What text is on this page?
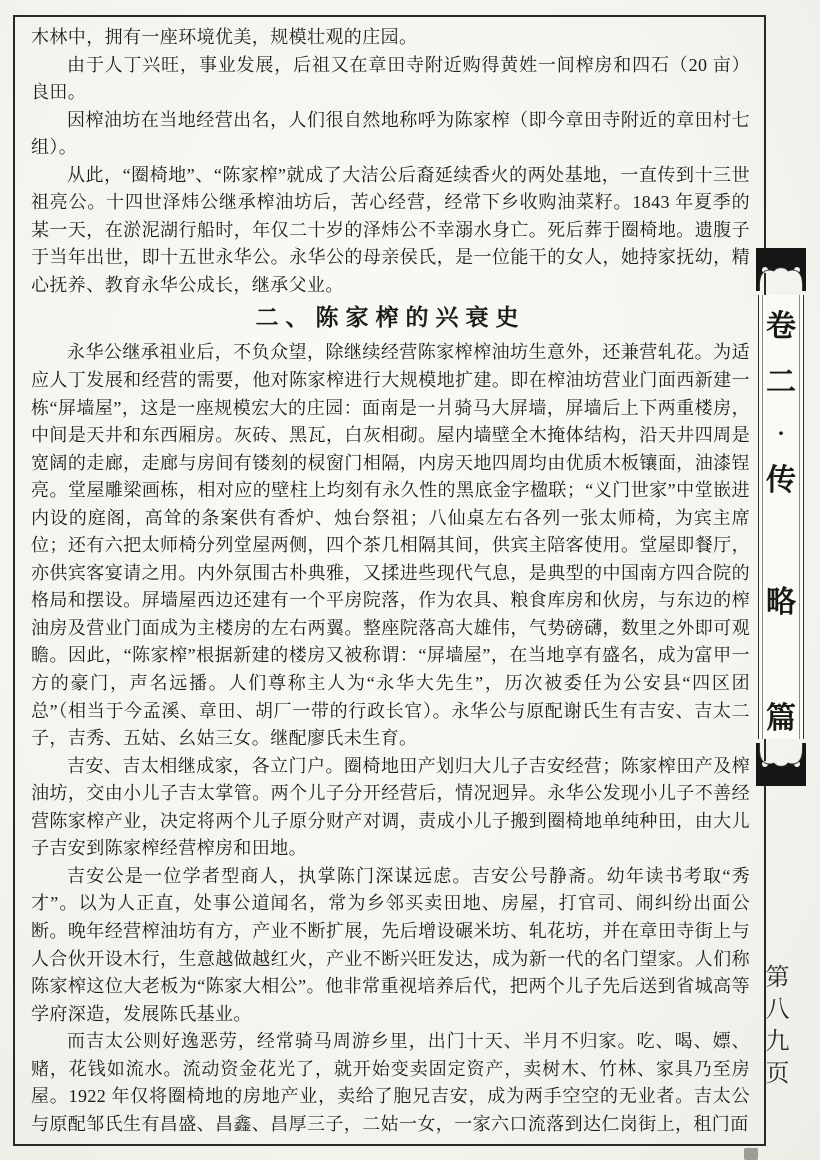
木林中，拥有一座环境优美，规模壮观的庄园。

由于人丁兴旺，事业发展，后祖又在章田寺附近购得黄姓一间榨房和四石（20 亩）良田。

因榨油坊在当地经营出名，人们很自然地称呼为陈家榨（即今章田寺附近的章田村七组）。

从此，“圈椅地”、“陈家榨”就成了大洁公后裔延续香火的两处基地，一直传到十三世祖亮公。十四世泽炜公继承榨油坊后，苦心经营，经常下乡收购油菜籽。1843 年夏季的某一天，在淤泥湖行船时，年仅二十岁的泽炜公不幸溺水身亡。死后葬于圈椅地。遗腹子于当年出世，即十五世永华公。永华公的母亲侯氏，是一位能干的女人，她持家抚幼，精心抚养、教育永华公成长，继承父业。

二、陈家榨的兴衰史

永华公继承祖业后，不负众望，除继续经营陈家榨榨油坊生意外，还兼营轧花。为适应人丁发展和经营的需要，他对陈家榨进行大规模地扩建。即在榨油坊营业门面西新建一栋“屏墙屋”，这是一座规模宏大的庄园：面南是一爿骑马大屏墙，屏墙后上下两重楼房，中间是天井和东西厢房。灰砖、黑瓦，白灰相砌。屋内墙壁全木掩体结构，沿天井四周是宽阔的走廊，走廊与房间有镂刻的棂窗门相隔，内房天地四周均由优质木板镶面，油漆锃亮。堂屋雕梁画栋，相对应的壁柱上均刻有永久性的黑底金字楹联；“义门世家”中堂嵌进内设的庭阁，高耸的条案供有香炉、烛台祭祖；八仙桌左右各列一张太师椅，为宾主席位；还有六把太师椅分列堂屋两侧，四个茶几相隔其间，供宾主陪客使用。堂屋即餐厅，亦供宾客宴请之用。内外氛围古朴典雅，又揉进些现代气息，是典型的中国南方四合院的格局和摆设。屏墙屋西边还建有一个平房院落，作为农具、粮食库房和伙房，与东边的榨油房及营业门面成为主楼房的左右两翼。整座院落高大雄伟，气势磅礴，数里之外即可观瞻。因此，“陈家榨”根据新建的楼房又被称谓：“屏墙屋”，在当地享有盛名，成为富甲一方的豪门，声名远播。人们尊称主人为“永华大先生”，历次被委任为公安县“四区团总”（相当于今孟溪、章田、胡厂一带的行政长官）。永华公与原配谢氏生有吉安、吉太二子，吉秀、五姑、幺姑三女。继配廖氏未生育。

吉安、吉太相继成家，各立门户。圈椅地田产划归大儿子吉安经营；陈家榨田产及榨油坊，交由小儿子吉太掌管。两个儿子分开经营后，情况迥异。永华公发现小儿子不善经营陈家榨产业，决定将两个儿子原分财产对调，责成小儿子搬到圈椅地单纯种田，由大儿子吉安到陈家榨经营榨房和田地。

吉安公是一位学者型商人，执掌陈门深谋远虑。吉安公号静斋。幼年读书考取“秀才”。以为人正直，处事公道闻名，常为乡邻买卖田地、房屋，打官司、闹纠纷出面公断。晚年经营榨油坊有方，产业不断扩展，先后增设碾米坊、轧花坊，并在章田寺街上与人合伙开设木行，生意越做越红火，产业不断兴旺发达，成为新一代的名门望家。人们称陈家榨这位大老板为“陈家大相公”。他非常重视培养后代，把两个儿子先后送到省城高等学府深造，发展陈氏基业。

而吉太公则好逸恶劳，经常骑马周游乡里，出门十天、半月不归家。吃、喝、嫖、赌，花钱如流水。流动资金花光了，就开始变卖固定资产，卖树木、竹林、家具乃至房屋。1922 年仅将圈椅地的房地产业，卖给了胞兄吉安，成为两手空空的无业者。吉太公与原配邹氏生有昌盛、昌鑫、昌厚三子，二姑一女，一家六口流落到达仁岗街上，租门面

卷
二
·
传
略
篇
第八九页
